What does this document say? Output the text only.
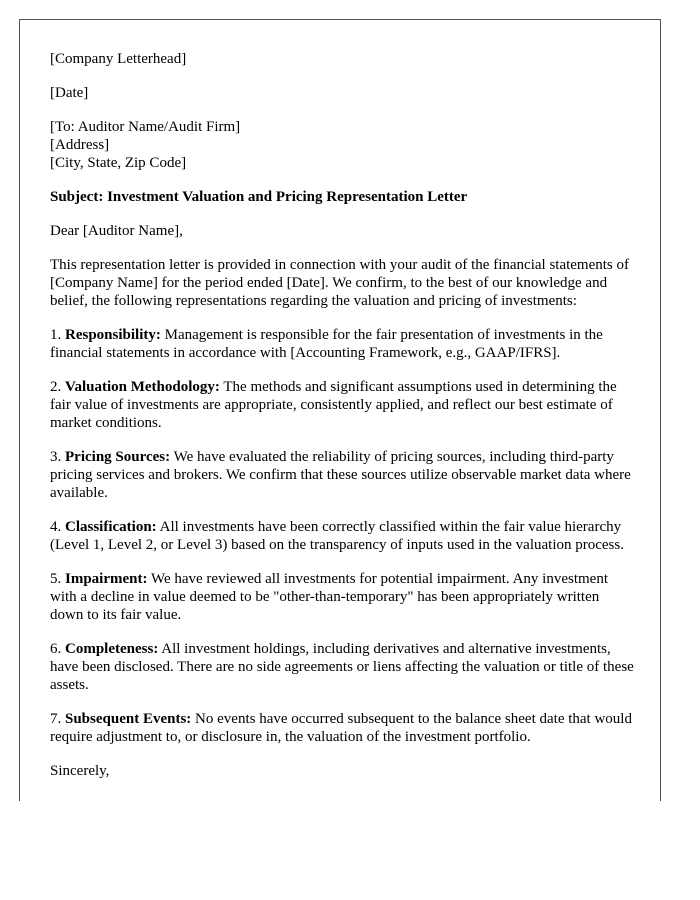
[Company Letterhead]

[Date]

[To: Auditor Name/Audit Firm]
[Address]
[City, State, Zip Code]

Subject: Investment Valuation and Pricing Representation Letter

Dear [Auditor Name],

This representation letter is provided in connection with your audit of the financial statements of [Company Name] for the period ended [Date]. We confirm, to the best of our knowledge and belief, the following representations regarding the valuation and pricing of investments:

1. Responsibility: Management is responsible for the fair presentation of investments in the financial statements in accordance with [Accounting Framework, e.g., GAAP/IFRS].

2. Valuation Methodology: The methods and significant assumptions used in determining the fair value of investments are appropriate, consistently applied, and reflect our best estimate of market conditions.

3. Pricing Sources: We have evaluated the reliability of pricing sources, including third-party pricing services and brokers. We confirm that these sources utilize observable market data where available.

4. Classification: All investments have been correctly classified within the fair value hierarchy (Level 1, Level 2, or Level 3) based on the transparency of inputs used in the valuation process.

5. Impairment: We have reviewed all investments for potential impairment. Any investment with a decline in value deemed to be "other-than-temporary" has been appropriately written down to its fair value.

6. Completeness: All investment holdings, including derivatives and alternative investments, have been disclosed. There are no side agreements or liens affecting the valuation or title of these assets.

7. Subsequent Events: No events have occurred subsequent to the balance sheet date that would require adjustment to, or disclosure in, the valuation of the investment portfolio.

Sincerely,
